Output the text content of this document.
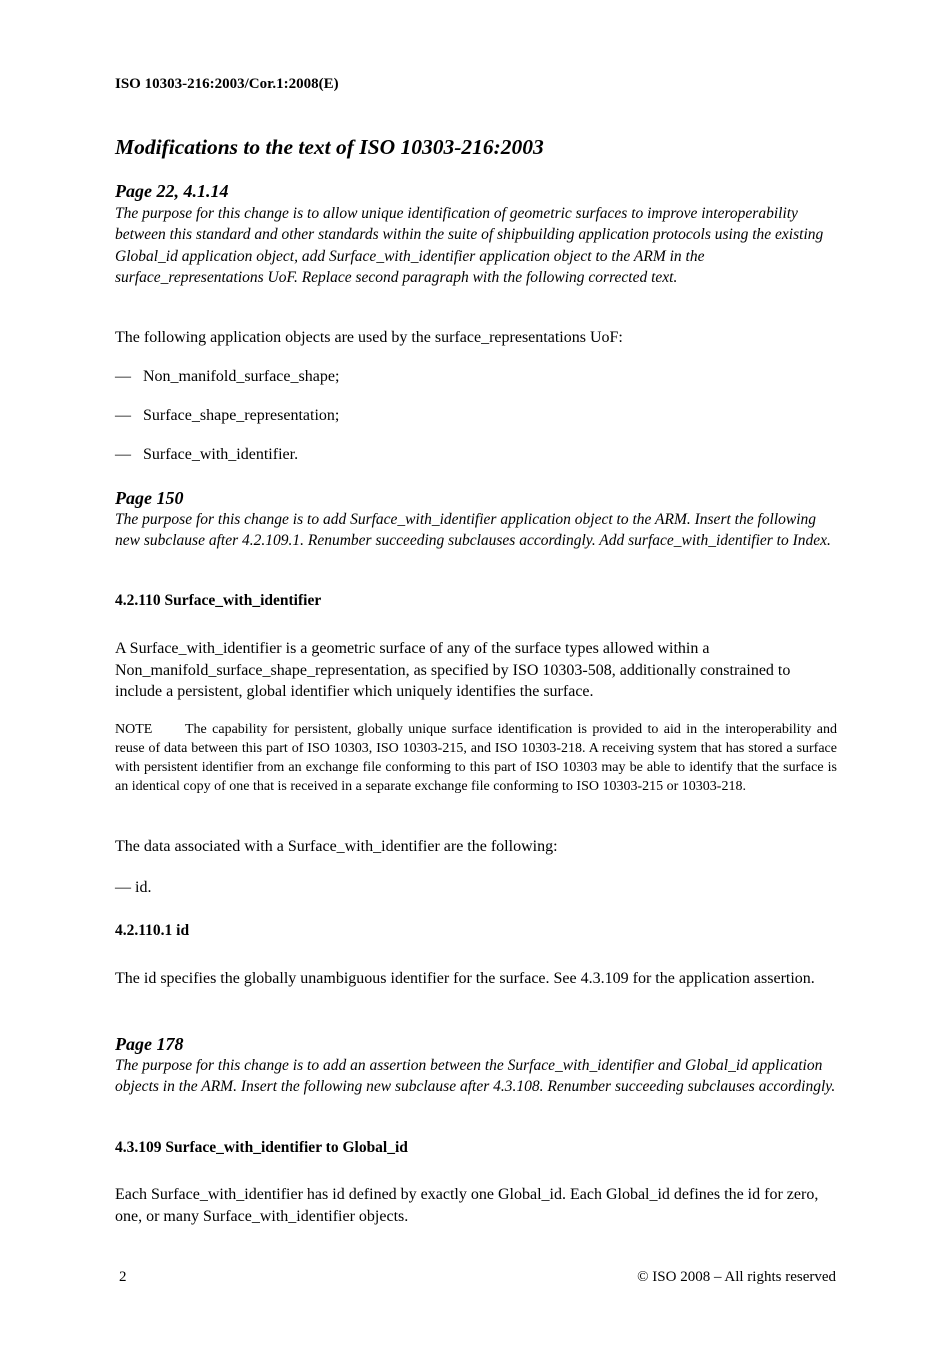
ISO 10303-216:2003/Cor.1:2008(E)

Modifications to the text of ISO 10303-216:2003

Page 22, 4.1.14

The purpose for this change is to allow unique identification of geometric surfaces to improve interoperability between this standard and other standards within the suite of shipbuilding application protocols using the existing Global_id application object, add Surface_with_identifier application object to the ARM in the surface_representations UoF. Replace second paragraph with the following corrected text.

The following application objects are used by the surface_representations UoF:

— Non_manifold_surface_shape;
— Surface_shape_representation;
— Surface_with_identifier.

Page 150

The purpose for this change is to add Surface_with_identifier application object to the ARM. Insert the following new subclause after 4.2.109.1. Renumber succeeding subclauses accordingly. Add surface_with_identifier to Index.

4.2.110 Surface_with_identifier

A Surface_with_identifier is a geometric surface of any of the surface types allowed within a Non_manifold_surface_shape_representation, as specified by ISO 10303-508, additionally constrained to include a persistent, global identifier which uniquely identifies the surface.

NOTE The capability for persistent, globally unique surface identification is provided to aid in the interoperability and reuse of data between this part of ISO 10303, ISO 10303-215, and ISO 10303-218. A receiving system that has stored a surface with persistent identifier from an exchange file conforming to this part of ISO 10303 may be able to identify that the surface is an identical copy of one that is received in a separate exchange file conforming to ISO 10303-215 or 10303-218.

The data associated with a Surface_with_identifier are the following:

— id.

4.2.110.1 id

The id specifies the globally unambiguous identifier for the surface. See 4.3.109 for the application assertion.

Page 178

The purpose for this change is to add an assertion between the Surface_with_identifier and Global_id application objects in the ARM. Insert the following new subclause after 4.3.108. Renumber succeeding subclauses accordingly.

4.3.109 Surface_with_identifier to Global_id

Each Surface_with_identifier has id defined by exactly one Global_id. Each Global_id defines the id for zero, one, or many Surface_with_identifier objects.

2	© ISO 2008 – All rights reserved
